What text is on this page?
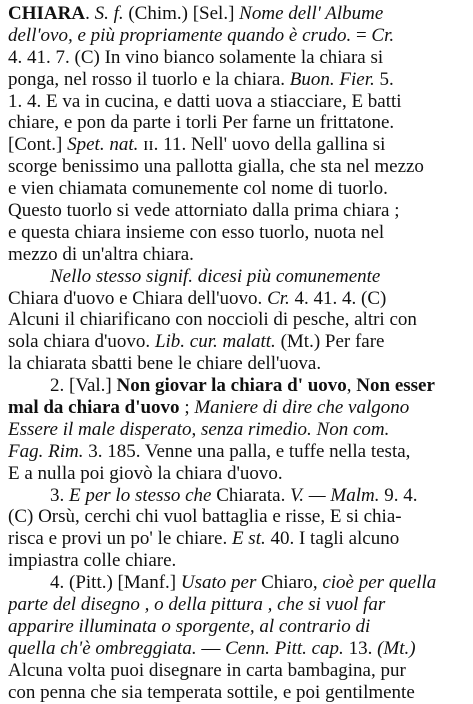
CHIARA. S. f. (Chim.) [Sel.] Nome dell' Albume
dell'ovo, e più propriamente quando è crudo. = Cr.
4. 41. 7. (C) In vino bianco solamente la chiara si
ponga, nel rosso il tuorlo e la chiara. Buon. Fier. 5.
1. 4. E va in cucina, e datti uova a stiacciare, E batti
chiare, e pon da parte i torli Per farne un frittatone.
[Cont.] Spet. nat. ɪɪ. 11. Nell' uovo della gallina si
scorge benissimo una pallotta gialla, che sta nel mezzo
e vien chiamata comunemente col nome di tuorlo.
Questo tuorlo si vede attorniato dalla prima chiara ;
e questa chiara insieme con esso tuorlo, nuota nel
mezzo di un'altra chiara.
Nello stesso signif. dicesi più comunemente
Chiara d'uovo e Chiara dell'uovo. Cr. 4. 41. 4. (C)
Alcuni il chiarificano con noccioli di pesche, altri con
sola chiara d'uovo. Lib. cur. malatt. (Mt.) Per fare
la chiarata sbatti bene le chiare dell'uova.
2. [Val.] Non giovar la chiara d' uovo, Non esser
mal da chiara d'uovo ; Maniere di dire che valgono
Essere il male disperato, senza rimedio. Non com.
Fag. Rim. 3. 185. Venne una palla, e tuffe nella testa,
E a nulla poi giovò la chiara d'uovo.
3. E per lo stesso che Chiarata. V. — Malm. 9. 4.
(C) Orsù, cerchi chi vuol battaglia e risse, E si chia-
risca e provi un po' le chiare. E st. 40. I tagli alcuno
impiastra colle chiare.
4. (Pitt.) [Manf.] Usato per Chiaro, cioè per quella
parte del disegno , o della pittura , che si vuol far
apparire illuminata o sporgente, al contrario di
quella ch'è ombreggiata. — Cenn. Pitt. cap. 13. (Mt.)
Alcuna volta puoi disegnare in carta bambagina, pur
con penna che sia temperata sottile, e poi gentilmente
